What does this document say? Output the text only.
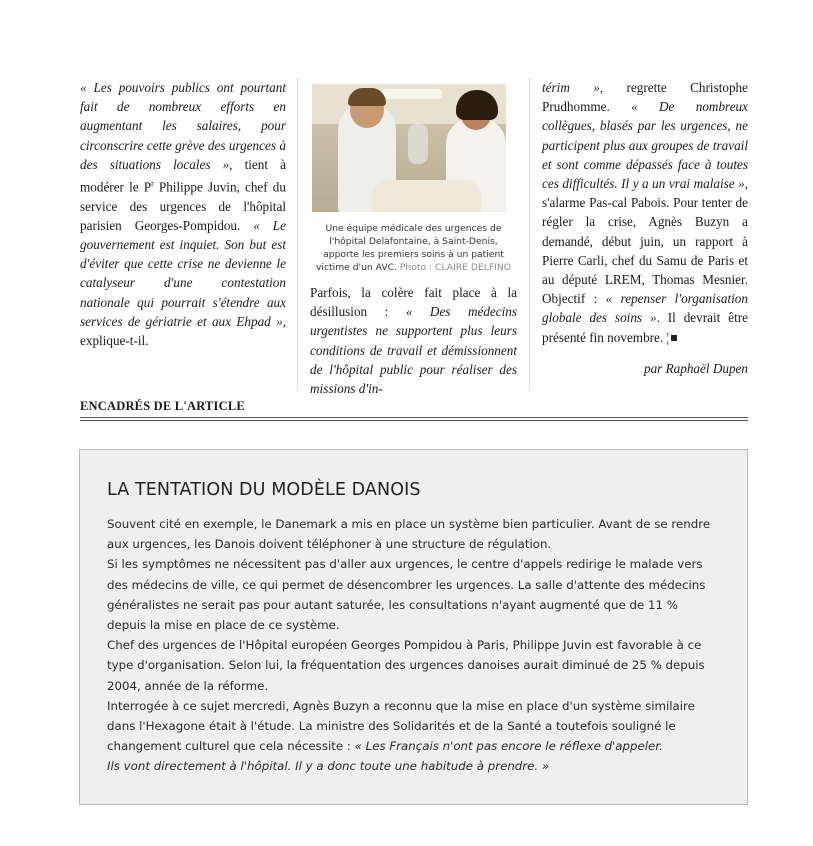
« Les pouvoirs publics ont pourtant fait de nombreux efforts en augmentant les salaires, pour circonscrire cette grève des urgences à des situations locales », tient à modérer le $P^r$ Philippe Juvin, chef du service des urgences de l'hôpital parisien Georges-Pompidou. « Le gouvernement est inquiet. Son but est d'éviter que cette crise ne devienne le catalyseur d'une contestation nationale qui pourrait s'étendre aux services de gériatrie et aux Ehpad », explique-t-il.
Une équipe médicale des urgences de l'hôpital Delafontaine, à Saint-Denis, apporte les premiers soins à un patient victime d'un AVC. Photo : CLAIRE DELFINO
Parfois, la colère fait place à la désillusion : « Des médecins urgentistes ne supportent plus leurs conditions de travail et démissionnent de l'hôpital public pour réaliser des missions d'in-
térim », regrette Christophe Prudhomme. « De nombreux collègues, blasés par les urgences, ne participent plus aux groupes de travail et sont comme dépassés face à toutes ces difficultés. Il y a un vrai malaise », s'alarme Pas-cal Pabois. Pour tenter de régler la crise, Agnès Buzyn a demandé, début juin, un rapport à Pierre Carli, chef du Samu de Paris et au député LREM, Thomas Mesnier. Objectif : « repenser l'organisation globale des soins ». Il devrait être présenté fin novembre. ¦
par Raphaël Dupen
ENCADRÉS DE L'ARTICLE
LA TENTATION DU MODÈLE DANOIS

Souvent cité en exemple, le Danemark a mis en place un système bien particulier. Avant de se rendre aux urgences, les Danois doivent téléphoner à une structure de régulation.

Si les symptômes ne nécessitent pas d'aller aux urgences, le centre d'appels redirige le malade vers des médecins de ville, ce qui permet de désencombrer les urgences. La salle d'attente des médecins généralistes ne serait pas pour autant saturée, les consultations n'ayant augmenté que de 11 % depuis la mise en place de ce système.

Chef des urgences de l'Hôpital européen Georges Pompidou à Paris, Philippe Juvin est favorable à ce type d'organisation. Selon lui, la fréquentation des urgences danoises aurait diminué de 25 % depuis 2004, année de la réforme.

Interrogée à ce sujet mercredi, Agnès Buzyn a reconnu que la mise en place d'un système similaire dans l'Hexagone était à l'étude. La ministre des Solidarités et de la Santé a toutefois souligné le changement culturel que cela nécessite : « Les Français n'ont pas encore le réflexe d'appeler.

Ils vont directement à l'hôpital. Il y a donc toute une habitude à prendre. »
